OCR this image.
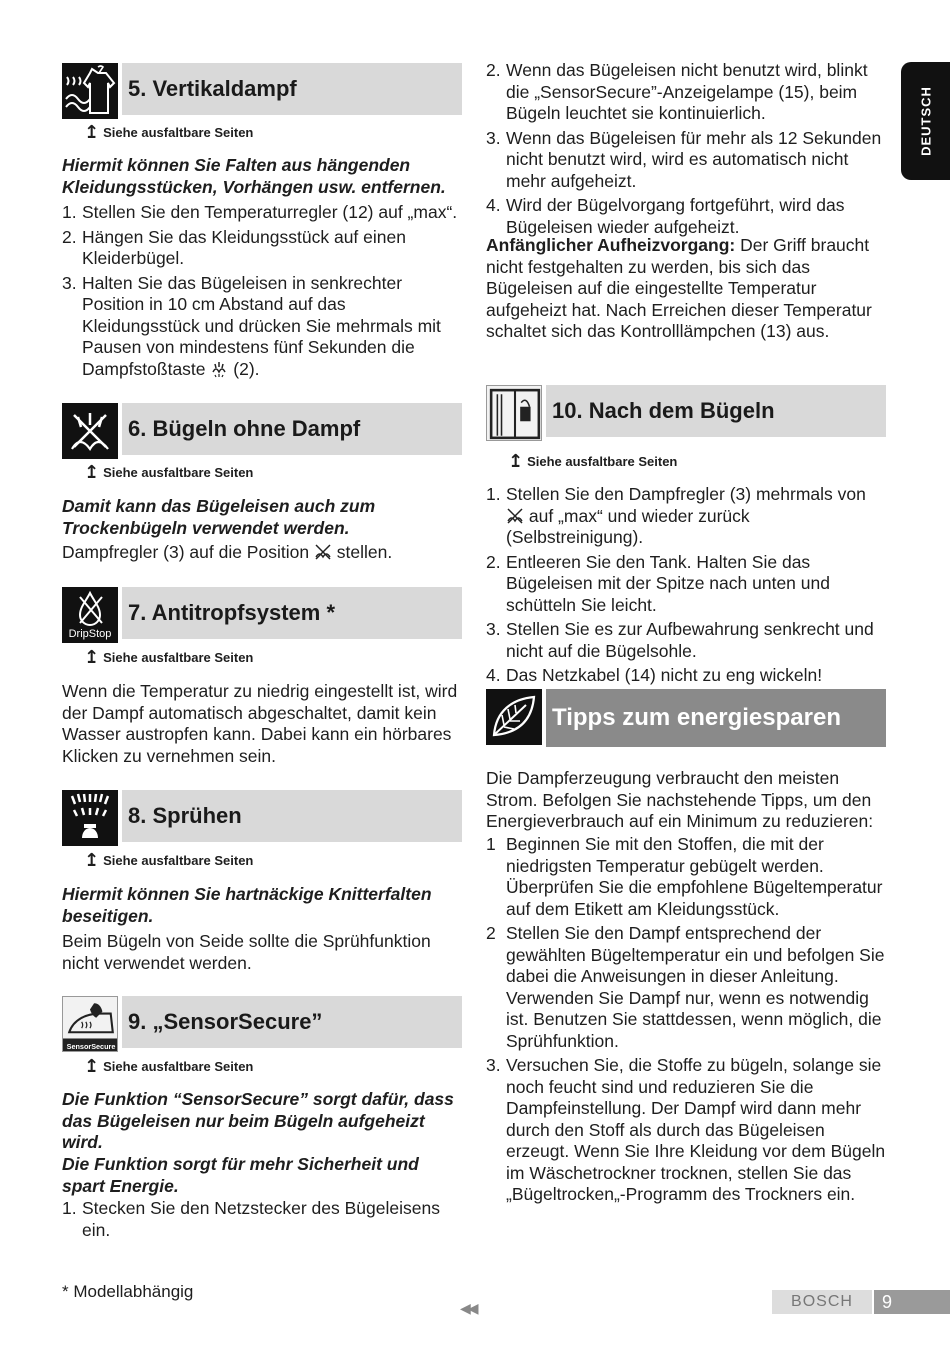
DEUTSCH
5. Vertikaldampf
↥ Siehe ausfaltbare Seiten
Hiermit können Sie Falten aus hängenden Kleidungsstücken, Vorhängen usw. entfernen.
1. Stellen Sie den Temperaturregler (12) auf „max“.
2. Hängen Sie das Kleidungsstück auf einen Kleiderbügel.
3. Halten Sie das Bügeleisen in senkrechter Position in 10 cm Abstand auf das Kleidungsstück und drücken Sie mehrmals mit Pausen von mindestens fünf Sekunden die Dampfstoßtaste  (2).
6. Bügeln ohne Dampf
↥ Siehe ausfaltbare Seiten
Damit kann das Bügeleisen auch zum Trockenbügeln verwendet werden.
Dampfregler (3) auf die Position  stellen.
DripStop
7. Antitropfsystem *
↥ Siehe ausfaltbare Seiten
Wenn die Temperatur zu niedrig eingestellt ist, wird der Dampf automatisch abgeschaltet, damit kein Wasser austropfen kann. Dabei kann ein hörbares Klicken zu vernehmen sein.
8. Sprühen
↥ Siehe ausfaltbare Seiten
Hiermit können Sie hartnäckige Knitterfalten beseitigen.
Beim Bügeln von Seide sollte die Sprühfunktion nicht verwendet werden.
SensorSecure
9. „SensorSecure”
↥ Siehe ausfaltbare Seiten
Die Funktion “SensorSecure” sorgt dafür, dass das Bügeleisen nur beim Bügeln aufgeheizt wird.
Die Funktion sorgt für mehr Sicherheit und spart Energie.
1. Stecken Sie den Netzstecker des Bügeleisens ein.
2. Wenn das Bügeleisen nicht benutzt wird, blinkt die „SensorSecure”-Anzeigelampe (15), beim Bügeln leuchtet sie kontinuierlich.
3. Wenn das Bügeleisen für mehr als 12 Sekunden nicht benutzt wird, wird es automatisch nicht mehr aufgeheizt.
4. Wird der Bügelvorgang fortgeführt, wird das Bügeleisen wieder aufgeheizt.
Anfänglicher Aufheizvorgang: Der Griff braucht nicht festgehalten zu werden, bis sich das Bügeleisen auf die eingestellte Temperatur aufgeheizt hat. Nach Erreichen dieser Temperatur schaltet sich das Kontrolllämpchen (13) aus.
10. Nach dem Bügeln
↥ Siehe ausfaltbare Seiten
1. Stellen Sie den Dampfregler (3) mehrmals von  auf „max“ und wieder zurück (Selbstreinigung).
2. Entleeren Sie den Tank. Halten Sie das Bügeleisen mit der Spitze nach unten und schütteln Sie leicht.
3. Stellen Sie es zur Aufbewahrung senkrecht und nicht auf die Bügelsohle.
4. Das Netzkabel (14) nicht zu eng wickeln!
Tipps zum energiesparen
Die Dampferzeugung verbraucht den meisten Strom. Befolgen Sie nachstehende Tipps, um den Energieverbrauch auf ein Minimum zu reduzieren:
1 Beginnen Sie mit den Stoffen, die mit der niedrigsten Temperatur gebügelt werden. Überprüfen Sie die empfohlene Bügeltemperatur auf dem Etikett am Kleidungsstück.
2 Stellen Sie den Dampf entsprechend der gewählten Bügeltemperatur ein und befolgen Sie dabei die Anweisungen in dieser Anleitung. Verwenden Sie Dampf nur, wenn es notwendig ist. Benutzen Sie stattdessen, wenn möglich, die Sprühfunktion.
3. Versuchen Sie, die Stoffe zu bügeln, solange sie noch feucht sind und reduzieren Sie die Dampfeinstellung. Der Dampf wird dann mehr durch den Stoff als durch das Bügeleisen erzeugt. Wenn Sie Ihre Kleidung vor dem Bügeln im Wäschetrockner trocknen, stellen Sie das „Bügeltrocken„-Programm des Trockners ein.
* Modellabhängig
◀◀	BOSCH	9
